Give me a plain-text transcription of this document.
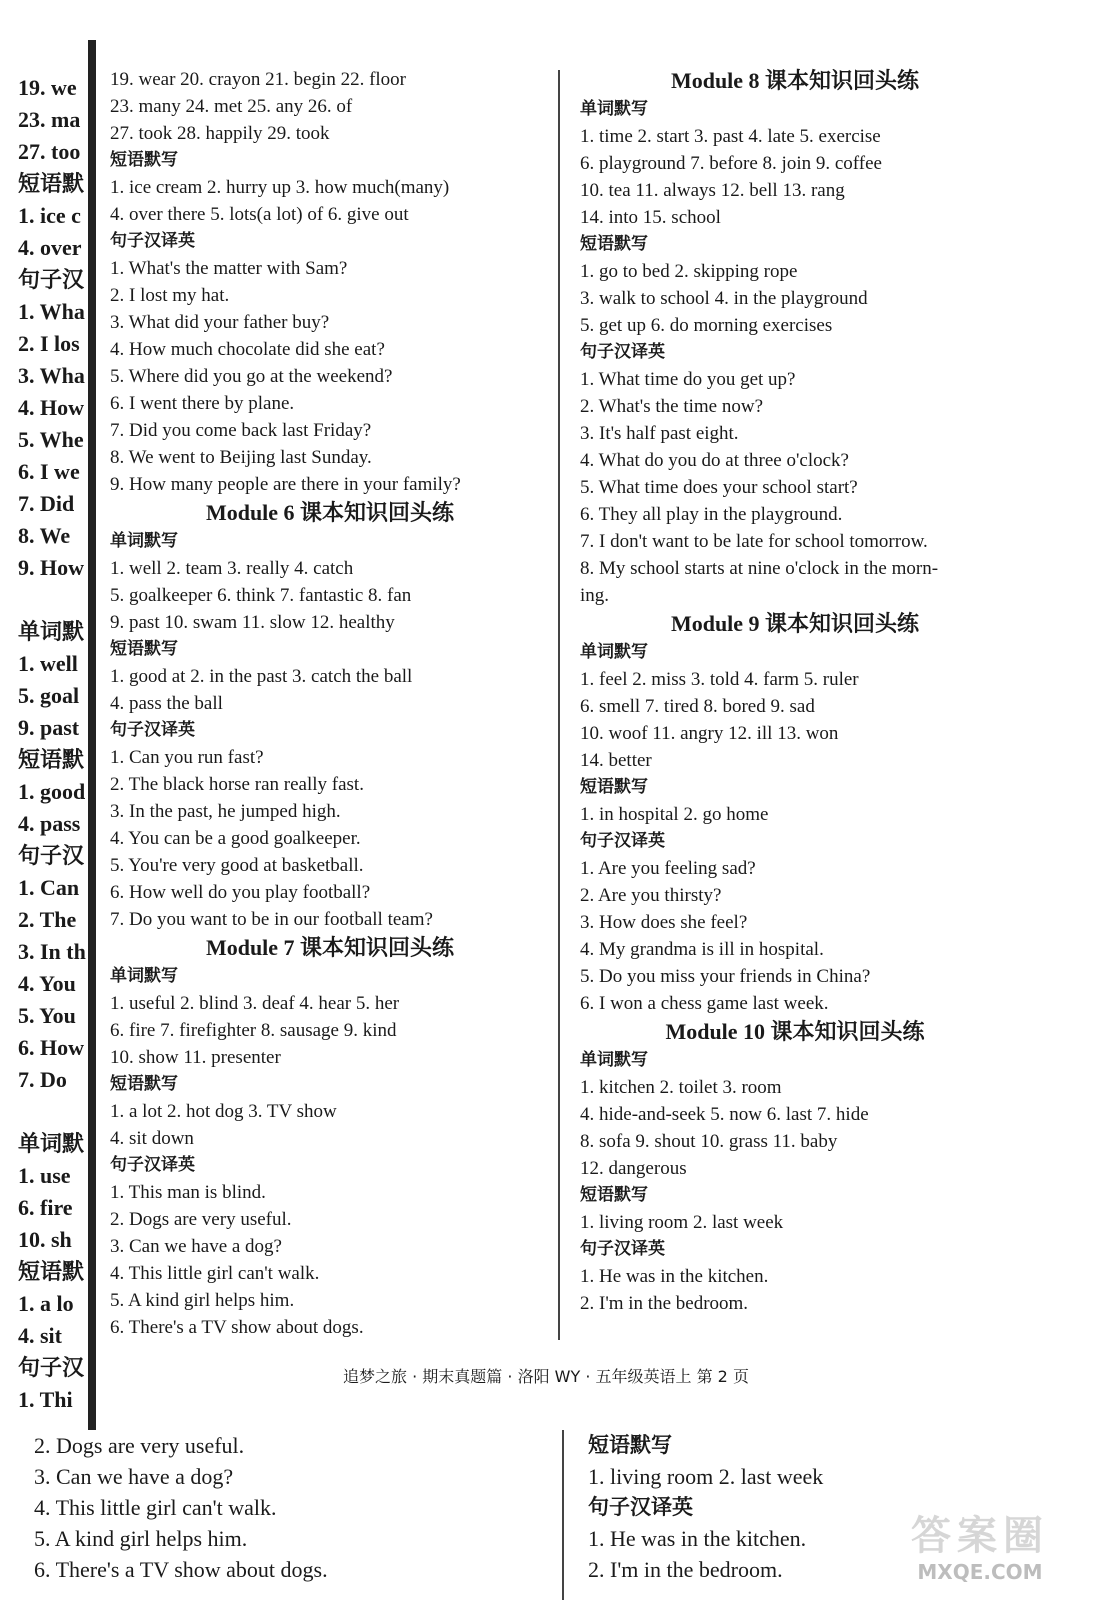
19. we
23. ma
27. too
短语默
1. ice c
4. over
句子汉
1. Wha
2. I los
3. Wha
4. How
5. Whe
6. I we
7. Did
8. We
9. How
单词默
1. well
5. goal
9. past
短语默
1. good
4. pass
句子汉
1. Can
2. The
3. In th
4. You
5. You
6. How
7. Do
单词默
1. use
6. fire
10. sh
短语默
1. a lo
4. sit
句子汉
1. Thi
19. wear 20. crayon 21. begin 22. floor
23. many 24. met 25. any 26. of
27. took 28. happily 29. took
短语默写
1. ice cream 2. hurry up 3. how much(many)
4. over there 5. lots(a lot) of 6. give out
句子汉译英
1. What's the matter with Sam?
2. I lost my hat.
3. What did your father buy?
4. How much chocolate did she eat?
5. Where did you go at the weekend?
6. I went there by plane.
7. Did you come back last Friday?
8. We went to Beijing last Sunday.
9. How many people are there in your family?
Module 6 课本知识回头练
单词默写
1. well 2. team 3. really 4. catch
5. goalkeeper 6. think 7. fantastic 8. fan
9. past 10. swam 11. slow 12. healthy
短语默写
1. good at 2. in the past 3. catch the ball
4. pass the ball
句子汉译英
1. Can you run fast?
2. The black horse ran really fast.
3. In the past, he jumped high.
4. You can be a good goalkeeper.
5. You're very good at basketball.
6. How well do you play football?
7. Do you want to be in our football team?
Module 7 课本知识回头练
单词默写
1. useful 2. blind 3. deaf 4. hear 5. her
6. fire 7. firefighter 8. sausage 9. kind
10. show 11. presenter
短语默写
1. a lot 2. hot dog 3. TV show
4. sit down
句子汉译英
1. This man is blind.
2. Dogs are very useful.
3. Can we have a dog?
4. This little girl can't walk.
5. A kind girl helps him.
6. There's a TV show about dogs.
Module 8 课本知识回头练
单词默写
1. time 2. start 3. past 4. late 5. exercise
6. playground 7. before 8. join 9. coffee
10. tea 11. always 12. bell 13. rang
14. into 15. school
短语默写
1. go to bed 2. skipping rope
3. walk to school 4. in the playground
5. get up 6. do morning exercises
句子汉译英
1. What time do you get up?
2. What's the time now?
3. It's half past eight.
4. What do you do at three o'clock?
5. What time does your school start?
6. They all play in the playground.
7. I don't want to be late for school tomorrow.
8. My school starts at nine o'clock in the morn-
ing.
Module 9 课本知识回头练
单词默写
1. feel 2. miss 3. told 4. farm 5. ruler
6. smell 7. tired 8. bored 9. sad
10. woof 11. angry 12. ill 13. won
14. better
短语默写
1. in hospital 2. go home
句子汉译英
1. Are you feeling sad?
2. Are you thirsty?
3. How does she feel?
4. My grandma is ill in hospital.
5. Do you miss your friends in China?
6. I won a chess game last week.
Module 10 课本知识回头练
单词默写
1. kitchen 2. toilet 3. room
4. hide-and-seek 5. now 6. last 7. hide
8. sofa 9. shout 10. grass 11. baby
12. dangerous
短语默写
1. living room 2. last week
句子汉译英
1. He was in the kitchen.
2. I'm in the bedroom.
追梦之旅 · 期末真题篇 · 洛阳 WY · 五年级英语上 第 2 页
2. Dogs are very useful.
3. Can we have a dog?
4. This little girl can't walk.
5. A kind girl helps him.
6. There's a TV show about dogs.
短语默写
1. living room 2. last week
句子汉译英
1. He was in the kitchen.
2. I'm in the bedroom.
答案圈
MXQE.COM
